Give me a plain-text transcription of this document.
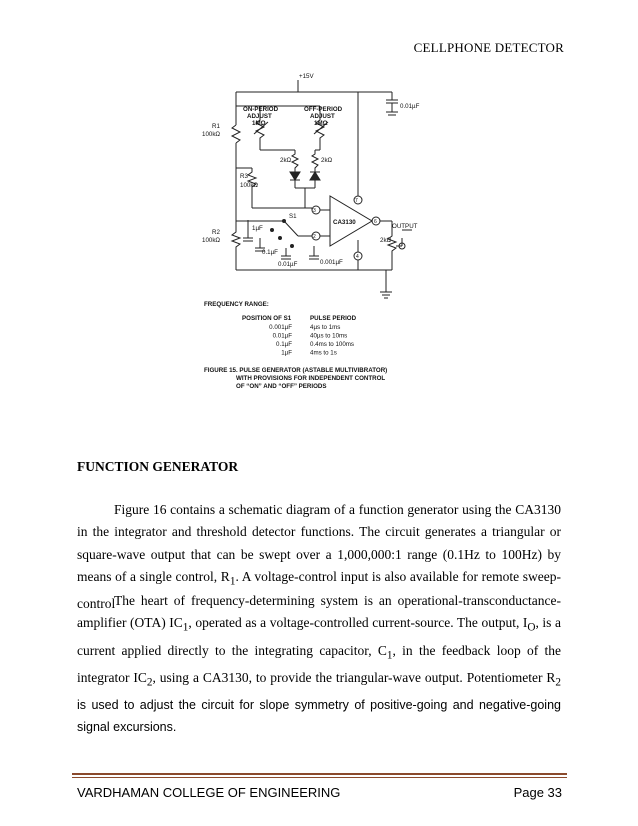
CELLPHONE DETECTOR
+15V
0.01µF
ON-PERIOD
ADJUST
1MΩ
OFF-PERIOD
ADJUST
1MΩ
R1
100kΩ
2kΩ	2kΩ
R3
100kΩ
3
2
7
6
4
CA3130
S1
R2
100kΩ
1µF
0.1µF
0.01µF	0.001µF
2kΩ
OUTPUT
FREQUENCY RANGE:
POSITION OF S1	PULSE PERIOD
0.001µF	4µs to 1ms
0.01µF	40µs to 10ms
0.1µF	0.4ms to 100ms
1µF	4ms to 1s
FIGURE 15. PULSE GENERATOR (ASTABLE MULTIVIBRATOR)
WITH PROVISIONS FOR INDEPENDENT CONTROL
OF “ON” AND “OFF” PERIODS
FUNCTION GENERATOR
Figure 16 contains a schematic diagram of a function generator using the CA3130 in the integrator and threshold detector functions. The circuit generates a triangular or square-wave output that can be swept over a 1,000,000:1 range (0.1Hz to 100Hz) by means of a single control, $R_1$. A voltage-control input is also available for remote sweep-control
The heart of frequency-determining system is an operational-transconductance-amplifier (OTA) $IC_1$, operated as a voltage-controlled current-source. The output, $I_O$, is a current applied directly to the integrating capacitor, $C_1$, in the feedback loop of the integrator $IC_2$, using a CA3130, to provide the triangular-wave output. Potentiometer $R_2$ is used to adjust the circuit for slope symmetry of positive-going and negative-going signal excursions.
VARDHAMAN COLLEGE OF ENGINEERING	Page 33
